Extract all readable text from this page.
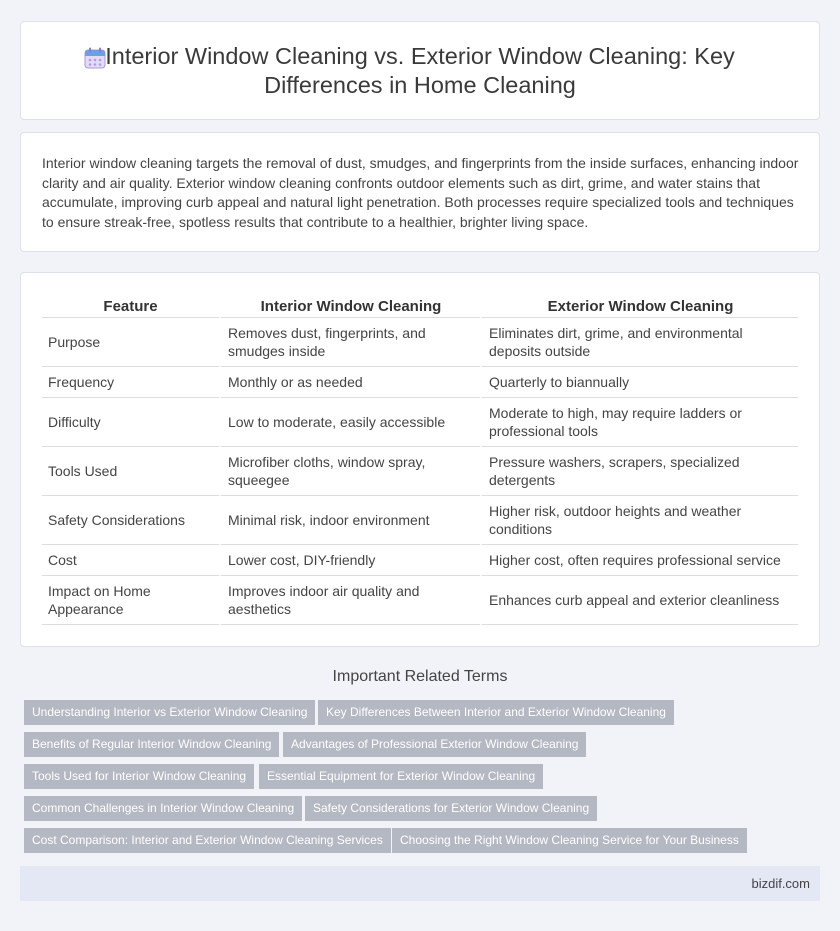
Interior Window Cleaning vs. Exterior Window Cleaning: Key Differences in Home Cleaning

Interior window cleaning targets the removal of dust, smudges, and fingerprints from the inside surfaces, enhancing indoor clarity and air quality. Exterior window cleaning confronts outdoor elements such as dirt, grime, and water stains that accumulate, improving curb appeal and natural light penetration. Both processes require specialized tools and techniques to ensure streak-free, spotless results that contribute to a healthier, brighter living space.

Feature	Interior Window Cleaning	Exterior Window Cleaning
Purpose	Removes dust, fingerprints, and smudges inside	Eliminates dirt, grime, and environmental deposits outside
Frequency	Monthly or as needed	Quarterly to biannually
Difficulty	Low to moderate, easily accessible	Moderate to high, may require ladders or professional tools
Tools Used	Microfiber cloths, window spray, squeegee	Pressure washers, scrapers, specialized detergents
Safety Considerations	Minimal risk, indoor environment	Higher risk, outdoor heights and weather conditions
Cost	Lower cost, DIY-friendly	Higher cost, often requires professional service
Impact on Home Appearance	Improves indoor air quality and aesthetics	Enhances curb appeal and exterior cleanliness
Important Related Terms
Understanding Interior vs Exterior Window Cleaning	Key Differences Between Interior and Exterior Window Cleaning
Benefits of Regular Interior Window Cleaning	Advantages of Professional Exterior Window Cleaning
Tools Used for Interior Window Cleaning	Essential Equipment for Exterior Window Cleaning
Common Challenges in Interior Window Cleaning	Safety Considerations for Exterior Window Cleaning
Cost Comparison: Interior and Exterior Window Cleaning Services	Choosing the Right Window Cleaning Service for Your Business
bizdif.com
